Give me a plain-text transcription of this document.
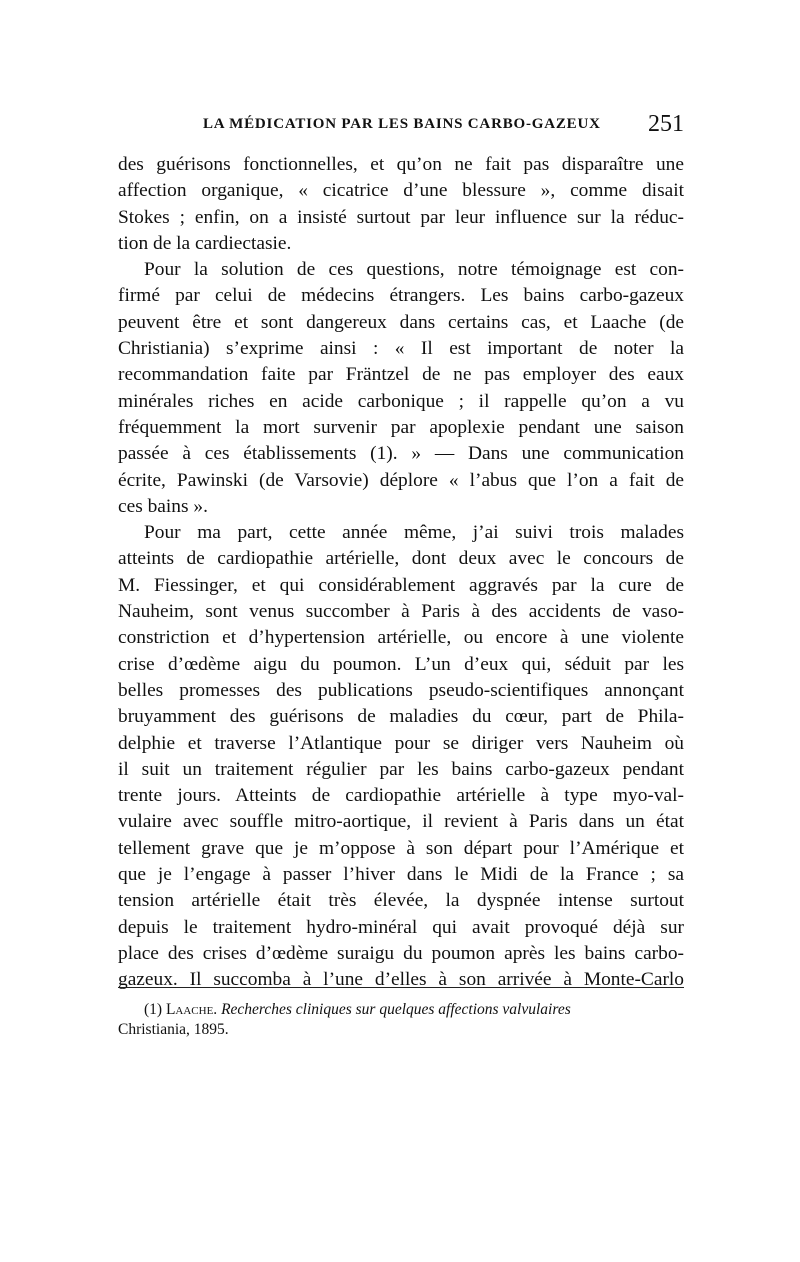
LA MÉDICATION PAR LES BAINS CARBO-GAZEUX 251
des guérisons fonctionnelles, et qu’on ne fait pas disparaître une
affection organique, « cicatrice d’une blessure », comme disait
Stokes ; enfin, on a insisté surtout par leur influence sur la réduc-
tion de la cardiectasie.
Pour la solution de ces questions, notre témoignage est con-
firmé par celui de médecins étrangers. Les bains carbo-gazeux
peuvent être et sont dangereux dans certains cas, et Laache (de
Christiania) s’exprime ainsi : « Il est important de noter la
recommandation faite par Fräntzel de ne pas employer des eaux
minérales riches en acide carbonique ; il rappelle qu’on a vu
fréquemment la mort survenir par apoplexie pendant une saison
passée à ces établissements (1). » — Dans une communication
écrite, Pawinski (de Varsovie) déplore « l’abus que l’on a fait de
ces bains ».
Pour ma part, cette année même, j’ai suivi trois malades
atteints de cardiopathie artérielle, dont deux avec le concours de
M. Fiessinger, et qui considérablement aggravés par la cure de
Nauheim, sont venus succomber à Paris à des accidents de vaso-
constriction et d’hypertension artérielle, ou encore à une violente
crise d’œdème aigu du poumon. L’un d’eux qui, séduit par les
belles promesses des publications pseudo-scientifiques annonçant
bruyamment des guérisons de maladies du cœur, part de Phila-
delphie et traverse l’Atlantique pour se diriger vers Nauheim où
il suit un traitement régulier par les bains carbo-gazeux pendant
trente jours. Atteints de cardiopathie artérielle à type myo-val-
vulaire avec souffle mitro-aortique, il revient à Paris dans un état
tellement grave que je m’oppose à son départ pour l’Amérique et
que je l’engage à passer l’hiver dans le Midi de la France ; sa
tension artérielle était très élevée, la dyspnée intense surtout
depuis le traitement hydro-minéral qui avait provoqué déjà sur
place des crises d’œdème suraigu du poumon après les bains carbo-
gazeux. Il succomba à l’une d’elles à son arrivée à Monte-Carlo
(1) Laache. Recherches cliniques sur quelques affections valvulaires
Christiania, 1895.
